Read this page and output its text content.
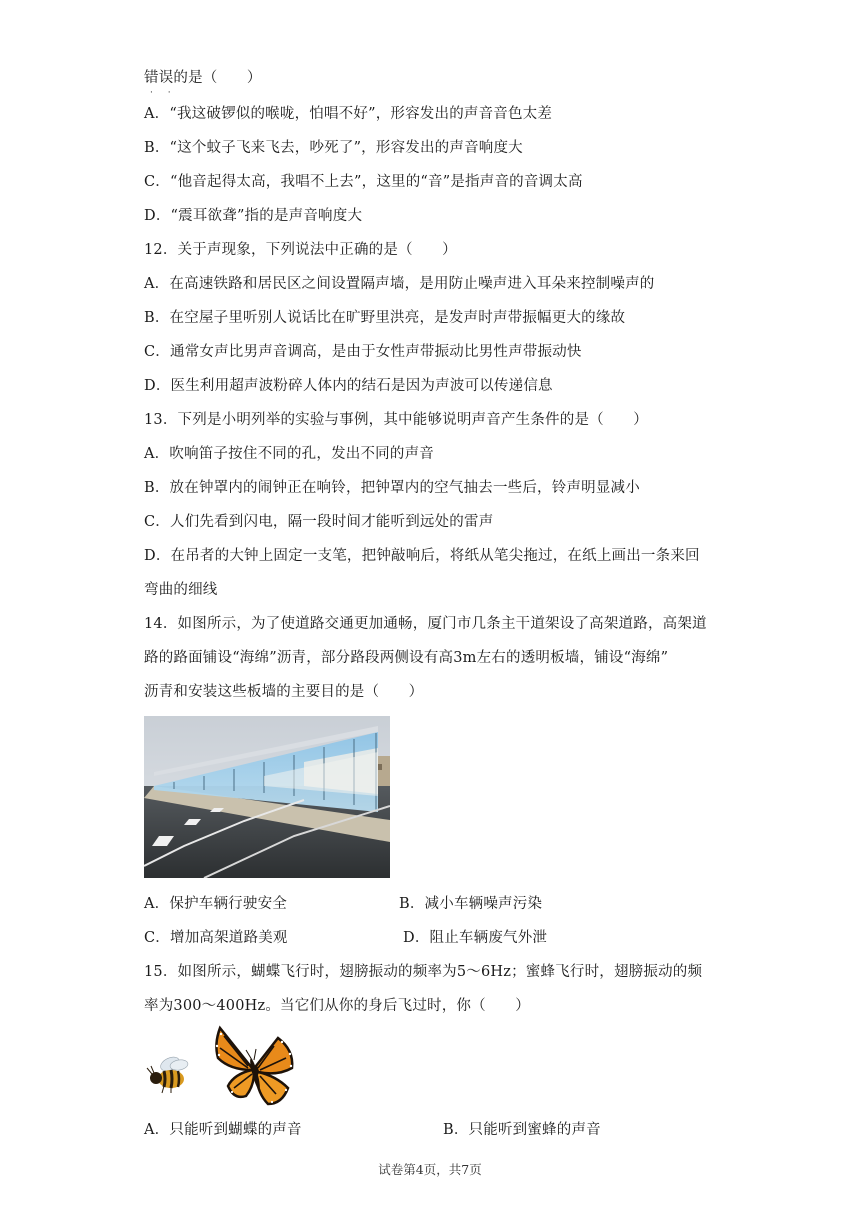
错误的是（　　） · ·
A．“我这破锣似的喉咙，怕唱不好”，形容发出的声音音色太差
B．“这个蚊子飞来飞去，吵死了”，形容发出的声音响度大
C．“他音起得太高，我唱不上去”，这里的“音”是指声音的音调太高
D．“震耳欲聋”指的是声音响度大
12．关于声现象，下列说法中正确的是（　　）
A．在高速铁路和居民区之间设置隔声墙，是用防止噪声进入耳朵来控制噪声的
B．在空屋子里听别人说话比在旷野里洪亮，是发声时声带振幅更大的缘故
C．通常女声比男声音调高，是由于女性声带振动比男性声带振动快
D．医生利用超声波粉碎人体内的结石是因为声波可以传递信息
13．下列是小明列举的实验与事例，其中能够说明声音产生条件的是（　　）
A．吹响笛子按住不同的孔，发出不同的声音
B．放在钟罩内的闹钟正在响铃，把钟罩内的空气抽去一些后，铃声明显减小
C．人们先看到闪电，隔一段时间才能听到远处的雷声
D．在吊者的大钟上固定一支笔，把钟敲响后，将纸从笔尖拖过，在纸上画出一条来回
弯曲的细线
14．如图所示，为了使道路交通更加通畅，厦门市几条主干道架设了高架道路，高架道
路的路面铺设“海绵”沥青，部分路段两侧设有高3m左右的透明板墙，铺设“海绵”
沥青和安装这些板墙的主要目的是（　　）
A．保护车辆行驶安全	B．减小车辆噪声污染
C．增加高架道路美观	D．阻止车辆废气外泄
15．如图所示，蝴蝶飞行时，翅膀振动的频率为5～6Hz；蜜蜂飞行时，翅膀振动的频
率为300～400Hz。当它们从你的身后飞过时，你（　　）
A．只能听到蝴蝶的声音	B．只能听到蜜蜂的声音
试卷第4页，共7页
